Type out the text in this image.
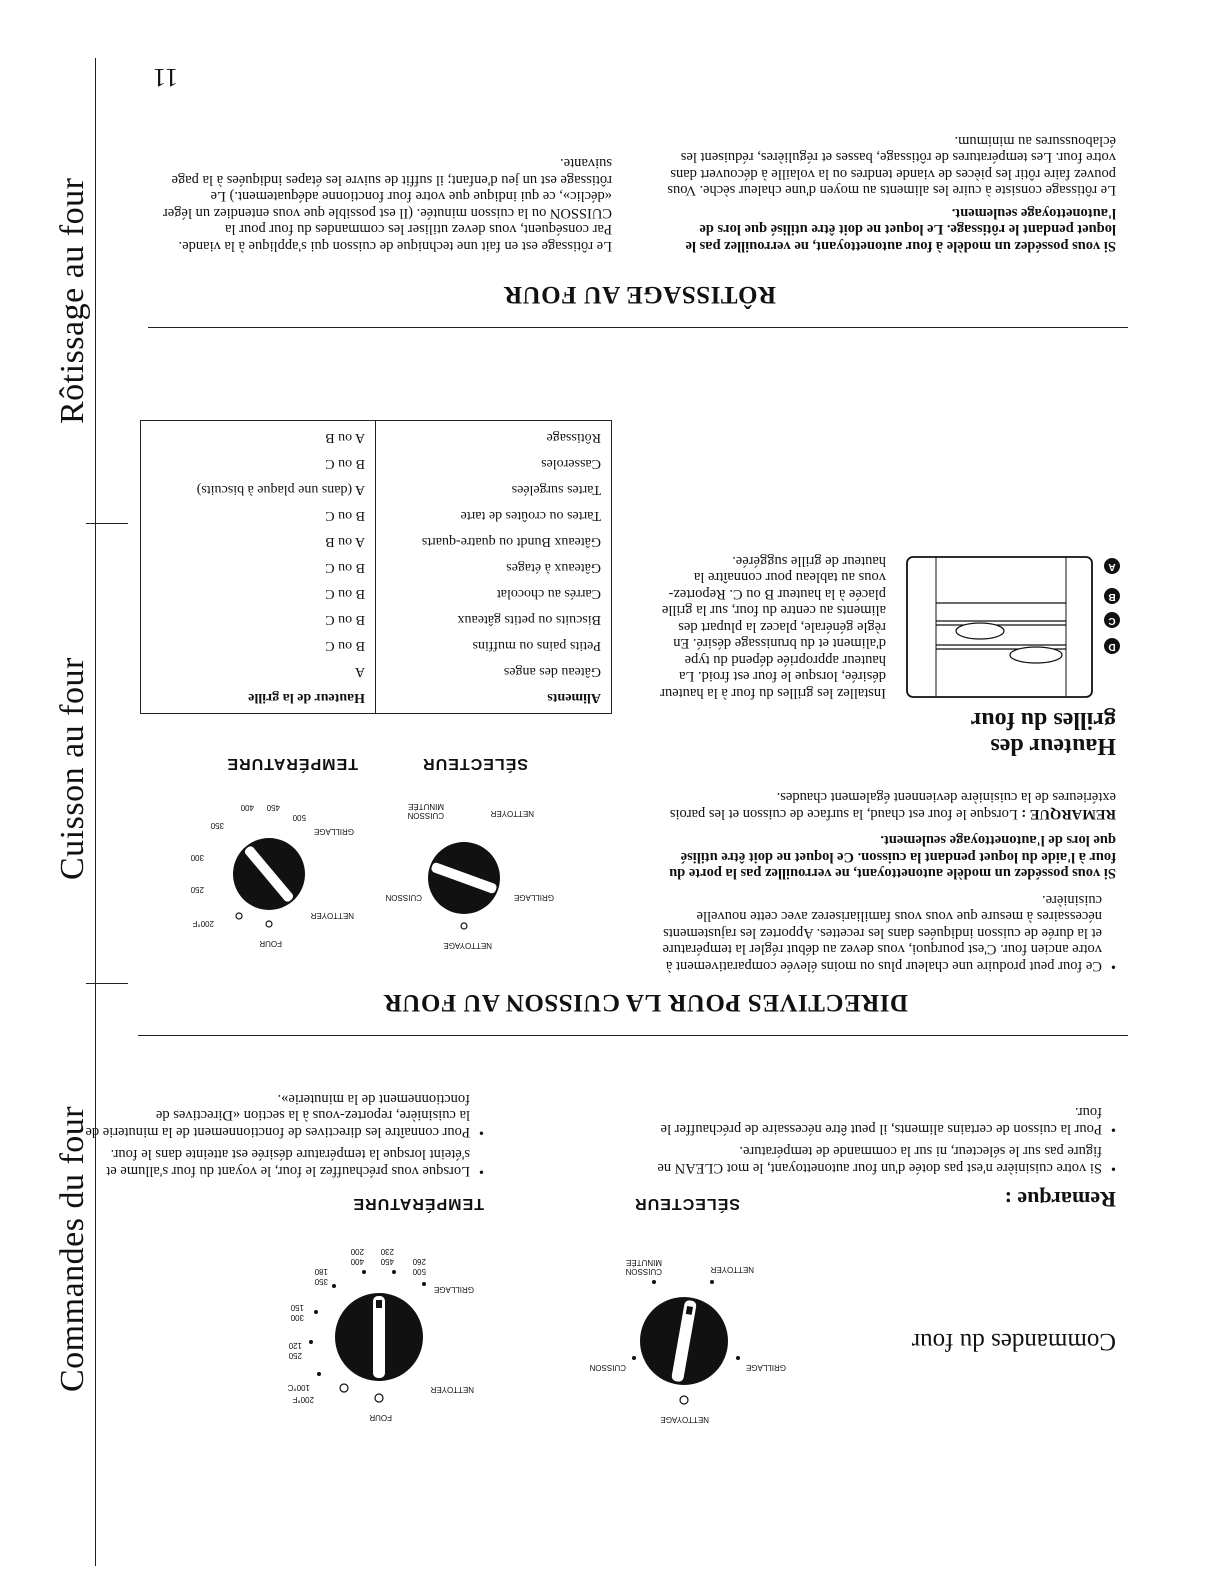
Commandes du four
NETTOYAGE
GRILLAGE
CUISSON
NETTOYER
CUISSON
MINUTÉE
SÉLECTEUR
FOUR
NETTOYER
GRILLAGE
200°F
100°C
250
120
300
150
350
180
400
200
450
230
500
260
TEMPÉRATURE	Remarque :
• Si votre cuisinière n'est pas dotée d'un four autonettoyant, le mot CLEAN ne figure pas sur le sélecteur, ni sur la commande de température.
• Pour la cuisson de certains aliments, il peut être nécessaire de préchauffer le four.
• Lorsque vous préchauffez le four, le voyant du four s'allume et s'éteint lorsque la température désirée est atteinte dans le four.
• Pour connaître les directives de fonctionnement de la minuterie de la cuisinière, reportez-vous à la section «Directives de fonctionnement de la minuterie».
DIRECTIVES POUR LA CUISSON AU FOUR
• Ce four peut produire une chaleur plus ou moins élevée comparativement à votre ancien four. C'est pourquoi, vous devez au début régler la température et la durée de cuisson indiquées dans les recettes. Apportez les rajustements nécessaires à mesure que vous vous familiariserez avec cette nouvelle cuisinière.

Si vous possédez un modèle autonettoyant, ne verrouillez pas la porte du four à l'aide du loquet pendant la cuisson. Ce loquet ne doit être utilisé que lors de l'autonettoyage seulement.

REMARQUE : Lorsque le four est chaud, la surface de cuisson et les parois extérieures de la cuisinière deviennent également chaudes.

Hauteur des grilles du four

Installez les grilles du four à la hauteur désirée, lorsque le four est froid. La hauteur appropriée dépend du type d'aliment et du brunissage désiré. En règle générale, placez la plupart des aliments au centre du four, sur la grille placée à la hauteur B ou C. Reportez-vous au tableau pour connaître la hauteur de grille suggérée.	A
B
C
D
NETTOYAGE
GRILLAGE
CUISSON
NETTOYER
CUISSON
MINUTÉE
SÉLECTEUR
FOUR
NETTOYER
GRILLAGE
200°F
250
300
350
400 450
500
TEMPÉRATURE
Aliments	Hauteur de la grille
Gâteau des anges	A
Petits pains ou muffins	B ou C
Biscuits ou petits gâteaux	B ou C
Carrés au chocolat	B ou C
Gâteaux à étages	B ou C
Gâteaux Bundt ou quatre-quarts	A ou B
Tartes ou croûtes de tarte	B ou C
Tartes surgelées	A (dans une plaque à biscuits)
Casseroles	B ou C
Rôtissage	A ou B
RÔTISSAGE AU FOUR

Si vous possédez un modèle à four autonettoyant, ne verrouillez pas le loquet pendant le rôtissage. Le loquet ne doit être utilisé que lors de l'autonettoyage seulement.

Le rôtissage consiste à cuire les aliments au moyen d'une chaleur sèche. Vous pouvez faire rôtir les pièces de viande tendres ou la volaille à découvert dans votre four. Les températures de rôtissage, basses et régulières, réduisent les éclaboussures au minimum.

Le rôtissage est en fait une technique de cuisson qui s'applique à la viande. Par conséquent, vous devez utiliser les commandes du four pour la CUISSON ou la cuisson minutée. (Il est possible que vous entendiez un léger «déclic», ce qui indique que votre four fonctionne adéquatement.) Le rôtissage est un jeu d'enfant; il suffit de suivre les étapes indiquées à la page suivante.

11
Commandes du four
Cuisson au four
Rôtissage au four
